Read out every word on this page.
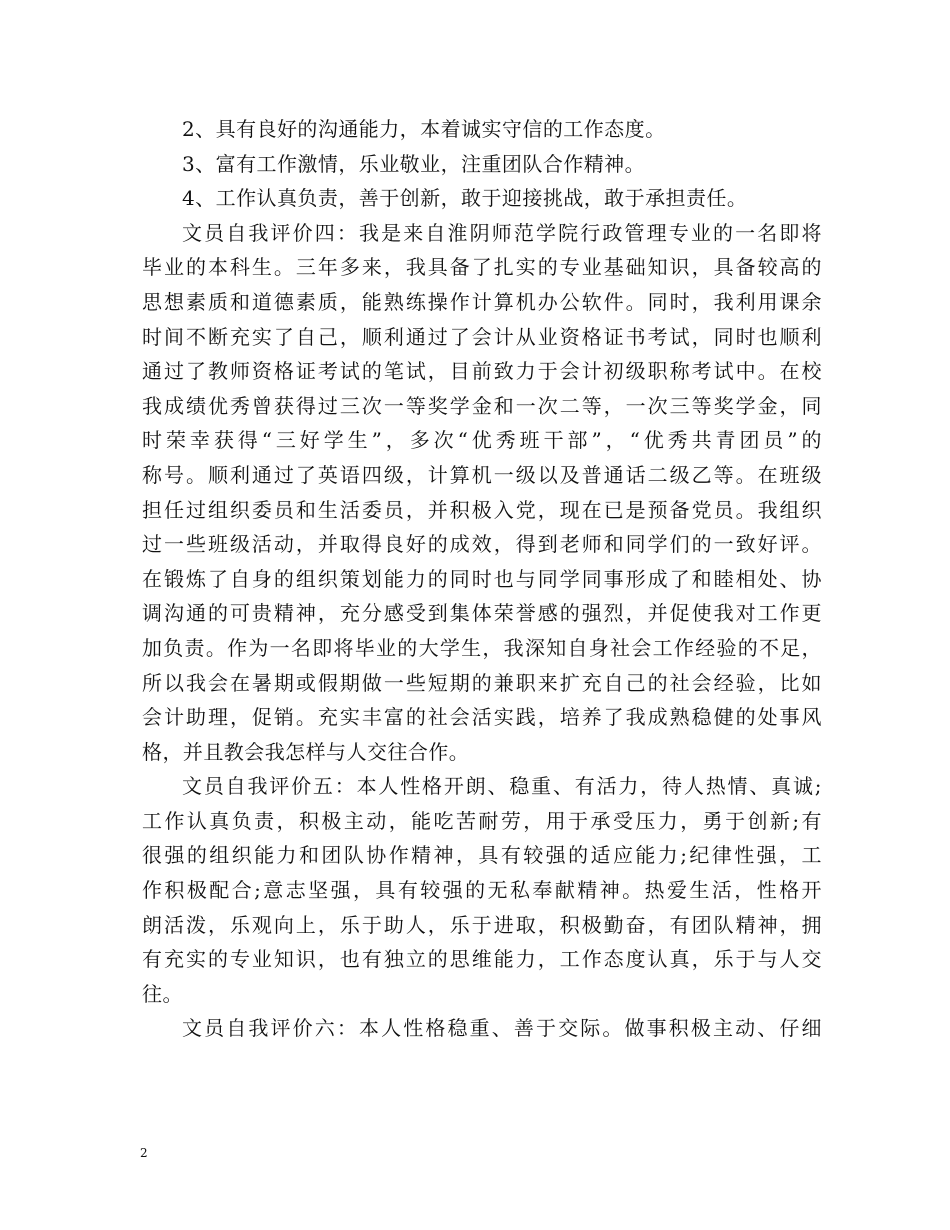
2、具有良好的沟通能力，本着诚实守信的工作态度。
3、富有工作激情，乐业敬业，注重团队合作精神。
4、工作认真负责，善于创新，敢于迎接挑战，敢于承担责任。
文员自我评价四：我是来自淮阴师范学院行政管理专业的一名即将
毕业的本科生。三年多来，我具备了扎实的专业基础知识，具备较高的
思想素质和道德素质，能熟练操作计算机办公软件。同时，我利用课余
时间不断充实了自己，顺利通过了会计从业资格证书考试，同时也顺利
通过了教师资格证考试的笔试，目前致力于会计初级职称考试中。在校
我成绩优秀曾获得过三次一等奖学金和一次二等，一次三等奖学金，同
时荣幸获得“三好学生”，多次“优秀班干部”，“优秀共青团员”的
称号。顺利通过了英语四级，计算机一级以及普通话二级乙等。在班级
担任过组织委员和生活委员，并积极入党，现在已是预备党员。我组织
过一些班级活动，并取得良好的成效，得到老师和同学们的一致好评。
在锻炼了自身的组织策划能力的同时也与同学同事形成了和睦相处、协
调沟通的可贵精神，充分感受到集体荣誉感的强烈，并促使我对工作更
加负责。作为一名即将毕业的大学生，我深知自身社会工作经验的不足，
所以我会在暑期或假期做一些短期的兼职来扩充自己的社会经验，比如
会计助理，促销。充实丰富的社会活实践，培养了我成熟稳健的处事风
格，并且教会我怎样与人交往合作。
文员自我评价五：本人性格开朗、稳重、有活力，待人热情、真诚;
工作认真负责，积极主动，能吃苦耐劳，用于承受压力，勇于创新;有
很强的组织能力和团队协作精神，具有较强的适应能力;纪律性强，工
作积极配合;意志坚强，具有较强的无私奉献精神。热爱生活，性格开
朗活泼，乐观向上，乐于助人，乐于进取，积极勤奋，有团队精神，拥
有充实的专业知识，也有独立的思维能力，工作态度认真，乐于与人交
往。
文员自我评价六：本人性格稳重、善于交际。做事积极主动、仔细
2
